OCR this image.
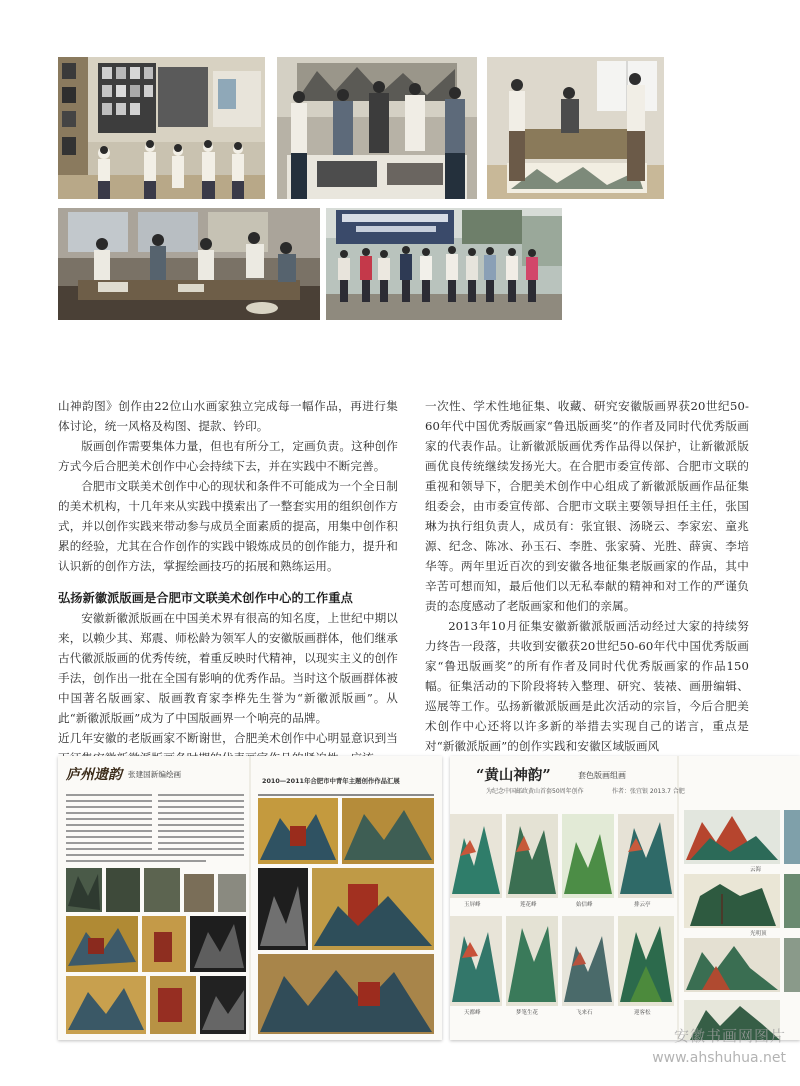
山神韵图》创作由22位山水画家独立完成每一幅作品，再进行集体讨论，统一风格及构图、提款、钤印。

版画创作需要集体力量，但也有所分工，定画负责。这种创作方式今后合肥美术创作中心会持续下去，并在实践中不断完善。

合肥市文联美术创作中心的现状和条件不可能成为一个全日制的美术机构，十几年来从实践中摸索出了一整套实用的组织创作方式，并以创作实践来带动参与成员全面素质的提高，用集中创作积累的经验，尤其在合作创作的实践中锻炼成员的创作能力，提升和认识新的创作方法，掌握绘画技巧的拓展和熟练运用。

弘扬新徽派版画是合肥市文联美术创作中心的工作重点

安徽新徽派版画在中国美术界有很高的知名度，上世纪中期以来，以赖少其、郑震、师松龄为领军人的安徽版画群体，他们继承古代徽派版画的优秀传统，着重反映时代精神，以现实主义的创作手法，创作出一批在全国有影响的优秀作品。当时这个版画群体被中国著名版画家、版画教育家李桦先生誉为“新徽派版画”。从此“新徽派版画”成为了中国版画界一个响亮的品牌。

近几年安徽的老版画家不断谢世，合肥美术创作中心明显意识到当

一次性、学术性地征集、收藏、研究安徽版画界获20世纪50-60年代中国优秀版画家“鲁迅版画奖”的作者及同时代优秀版画家的代表作品。让新徽派版画优秀作品得以保护，让新徽派版画优良传统继续发扬光大。在合肥市委宣传部、合肥市文联的重视和领导下，合肥美术创作中心组成了新徽派版画作品征集组委会，由市委宣传部、合肥市文联主要领导担任主任，张国琳为执行组负责人，成员有：张宜银、汤晓云、李家宏、童兆源、纪念、陈冰、孙玉石、李胜、张家骑、光胜、薛寅、李培华等。两年里近百次的到安徽各地征集老版画家的作品，其中辛苦可想而知，最后他们以无私奉献的精神和对工作的严谨负责的态度感动了老版画家和他们的亲属。

2013年10月征集安徽新徽派版画活动经过大家的持续努力终告一段落，共收到安徽获20世纪50-60年代中国优秀版画家“鲁迅版画奖”的所有作者及同时代优秀版画家的作品150幅。征集活动的下阶段将转入整理、研究、装裱、画册编辑、巡展等工作。弘扬新徽派版画是此次活动的宗旨，今后合肥美术创作中心还将以许多新的举措去实现自己的诺言，重点是对“新徽派版画”的创作实践和安徽区域版画风

庐州遗韵 张建国新编绘画
2010—2011年合肥市中青年主题创作作品汇展	“黄山神韵”	套色版画组画
为纪念中国邮政黄山首套50周年创作	作者：张宜银 2013.7 合肥
玉屏峰	莲花峰	始信峰	排云亭
天都峰	梦笔生花	飞来石	迎客松
云海
光明顶
安徽书画网图片
www.ahshuhua.net
